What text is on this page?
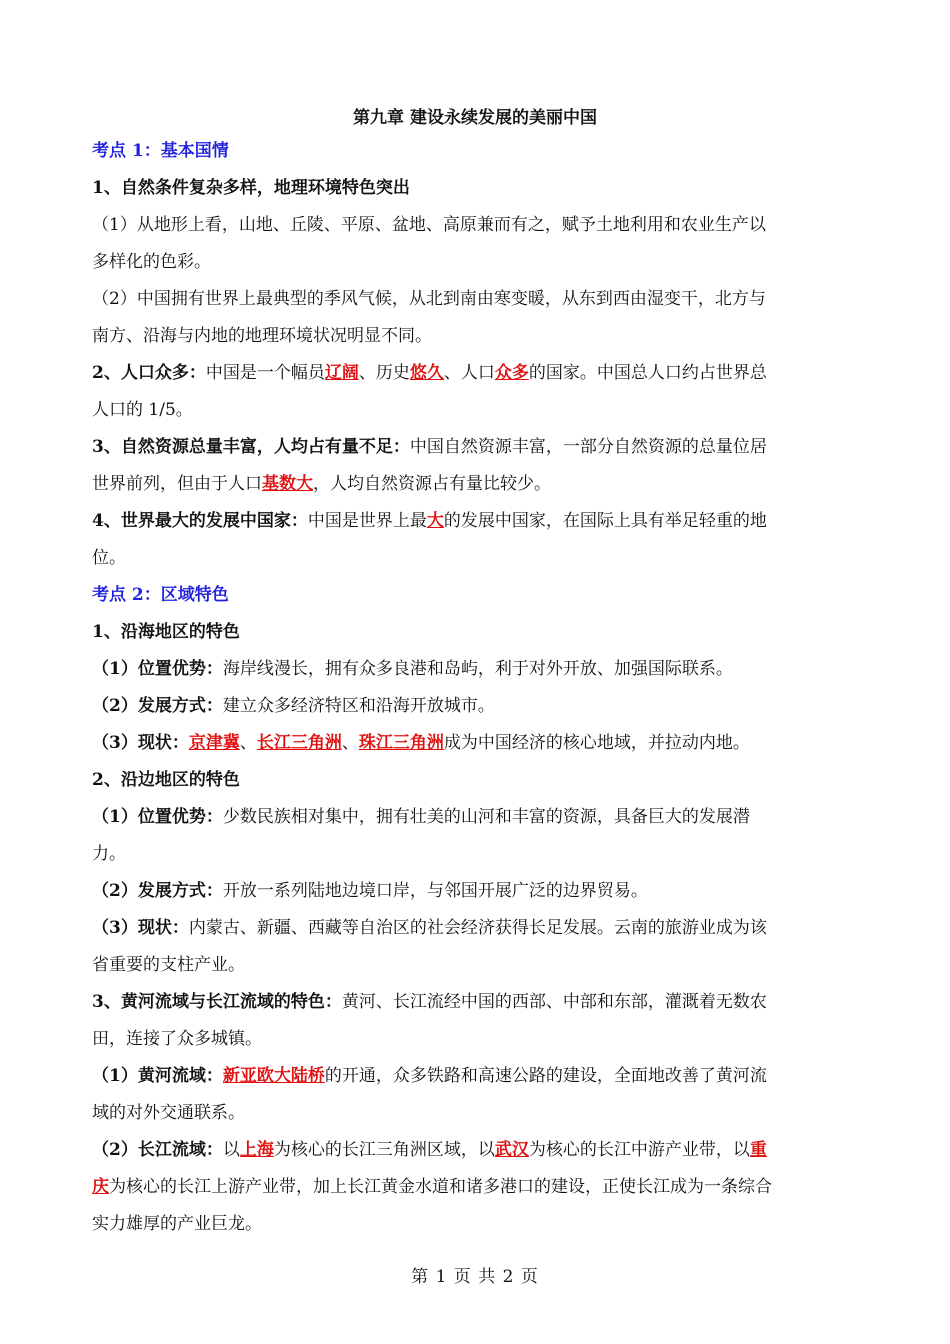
第九章 建设永续发展的美丽中国
考点 1：基本国情
1、自然条件复杂多样，地理环境特色突出
（1）从地形上看，山地、丘陵、平原、盆地、高原兼而有之，赋予土地利用和农业生产以
多样化的色彩。
（2）中国拥有世界上最典型的季风气候，从北到南由寒变暖，从东到西由湿变干，北方与
南方、沿海与内地的地理环境状况明显不同。
2、人口众多：中国是一个幅员辽阔、历史悠久、人口众多的国家。中国总人口约占世界总
人口的 1/5。
3、自然资源总量丰富，人均占有量不足：中国自然资源丰富，一部分自然资源的总量位居
世界前列，但由于人口基数大，人均自然资源占有量比较少。
4、世界最大的发展中国家：中国是世界上最大的发展中国家，在国际上具有举足轻重的地
位。
考点 2：区域特色
1、沿海地区的特色
（1）位置优势：海岸线漫长，拥有众多良港和岛屿，利于对外开放、加强国际联系。
（2）发展方式：建立众多经济特区和沿海开放城市。
（3）现状：京津冀、长江三角洲、珠江三角洲成为中国经济的核心地域，并拉动内地。
2、沿边地区的特色
（1）位置优势：少数民族相对集中，拥有壮美的山河和丰富的资源，具备巨大的发展潜
力。
（2）发展方式：开放一系列陆地边境口岸，与邻国开展广泛的边界贸易。
（3）现状：内蒙古、新疆、西藏等自治区的社会经济获得长足发展。云南的旅游业成为该
省重要的支柱产业。
3、黄河流域与长江流域的特色：黄河、长江流经中国的西部、中部和东部，灌溉着无数农
田，连接了众多城镇。
（1）黄河流域：新亚欧大陆桥的开通，众多铁路和高速公路的建设，全面地改善了黄河流
域的对外交通联系。
（2）长江流域：以上海为核心的长江三角洲区域，以武汉为核心的长江中游产业带，以重
庆为核心的长江上游产业带，加上长江黄金水道和诸多港口的建设，正使长江成为一条综合
实力雄厚的产业巨龙。
第 1 页 共 2 页
